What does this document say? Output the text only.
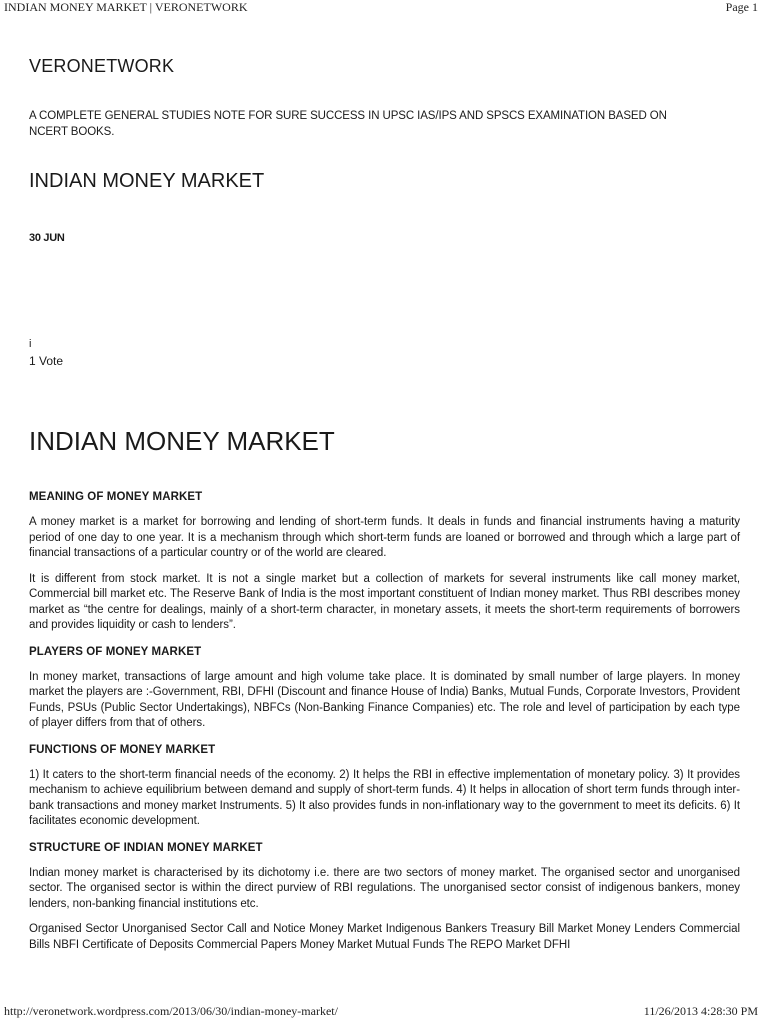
INDIAN MONEY MARKET | VERONETWORK	Page 1
VERONETWORK

A COMPLETE GENERAL STUDIES NOTE FOR SURE SUCCESS IN UPSC IAS/IPS AND SPSCS EXAMINATION BASED ON NCERT BOOKS.

INDIAN MONEY MARKET

30 JUN

i

1 Vote

INDIAN MONEY MARKET
MEANING OF MONEY MARKET

A money market is a market for borrowing and lending of short-term funds. It deals in funds and financial instruments having a maturity period of one day to one year. It is a mechanism through which short-term funds are loaned or borrowed and through which a large part of financial transactions of a particular country or of the world are cleared.

It is different from stock market. It is not a single market but a collection of markets for several instruments like call money market, Commercial bill market etc. The Reserve Bank of India is the most important constituent of Indian money market. Thus RBI describes money market as “the centre for dealings, mainly of a short-term character, in monetary assets, it meets the short-term requirements of borrowers and provides liquidity or cash to lenders”.

PLAYERS OF MONEY MARKET

In money market, transactions of large amount and high volume take place. It is dominated by small number of large players. In money market the players are :-Government, RBI, DFHI (Discount and finance House of India) Banks, Mutual Funds, Corporate Investors, Provident Funds, PSUs (Public Sector Undertakings), NBFCs (Non-Banking Finance Companies) etc. The role and level of participation by each type of player differs from that of others.

FUNCTIONS OF MONEY MARKET

1) It caters to the short-term financial needs of the economy. 2) It helps the RBI in effective implementation of monetary policy. 3) It provides mechanism to achieve equilibrium between demand and supply of short-term funds. 4) It helps in allocation of short term funds through inter-bank transactions and money market Instruments. 5) It also provides funds in non-inflationary way to the government to meet its deficits. 6) It facilitates economic development.

STRUCTURE OF INDIAN MONEY MARKET

Indian money market is characterised by its dichotomy i.e. there are two sectors of money market. The organised sector and unorganised sector. The organised sector is within the direct purview of RBI regulations. The unorganised sector consist of indigenous bankers, money lenders, non-banking financial institutions etc.

Organised Sector Unorganised Sector Call and Notice Money Market Indigenous Bankers Treasury Bill Market Money Lenders Commercial Bills NBFI Certificate of Deposits Commercial Papers Money Market Mutual Funds The REPO Market DFHI

http://veronetwork.wordpress.com/2013/06/30/indian-money-market/	11/26/2013 4:28:30 PM
